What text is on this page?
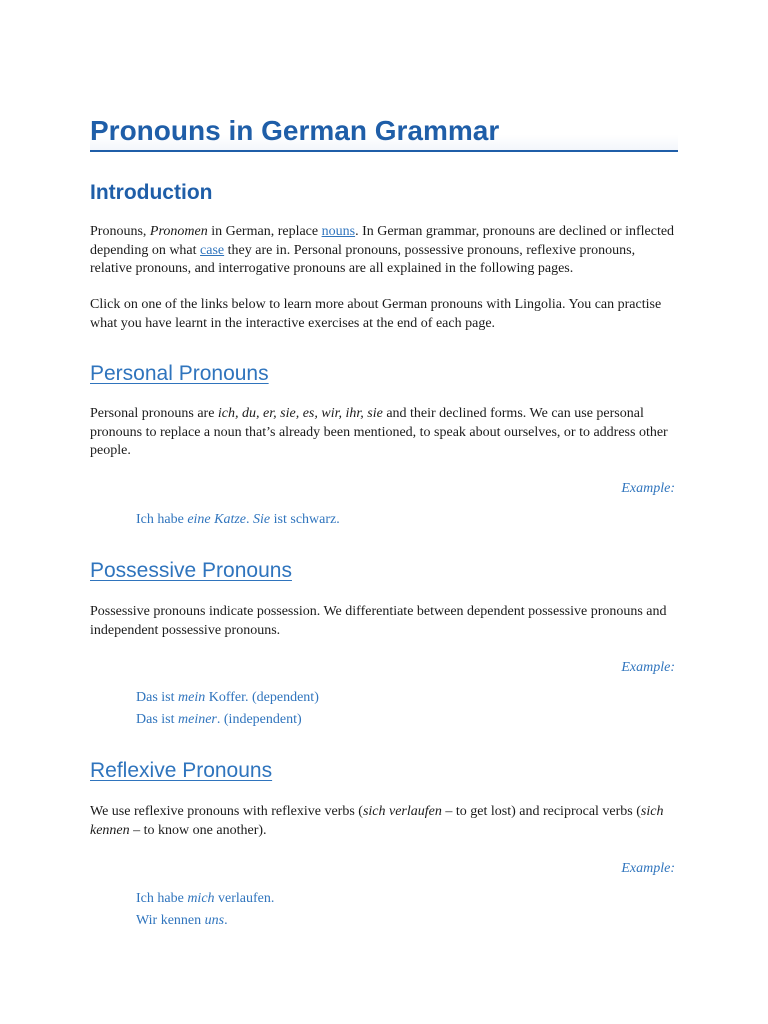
Pronouns in German Grammar
Introduction
Pronouns, Pronomen in German, replace nouns. In German grammar, pronouns are declined or inflected depending on what case they are in. Personal pronouns, possessive pronouns, reflexive pronouns, relative pronouns, and interrogative pronouns are all explained in the following pages.
Click on one of the links below to learn more about German pronouns with Lingolia. You can practise what you have learnt in the interactive exercises at the end of each page.
Personal Pronouns
Personal pronouns are ich, du, er, sie, es, wir, ihr, sie and their declined forms. We can use personal pronouns to replace a noun that’s already been mentioned, to speak about ourselves, or to address other people.
Example:
Ich habe eine Katze. Sie ist schwarz.
Possessive Pronouns
Possessive pronouns indicate possession. We differentiate between dependent possessive pronouns and independent possessive pronouns.
Example:
Das ist mein Koffer. (dependent)
Das ist meiner. (independent)
Reflexive Pronouns
We use reflexive pronouns with reflexive verbs (sich verlaufen – to get lost) and reciprocal verbs (sich kennen – to know one another).
Example:
Ich habe mich verlaufen.
Wir kennen uns.
